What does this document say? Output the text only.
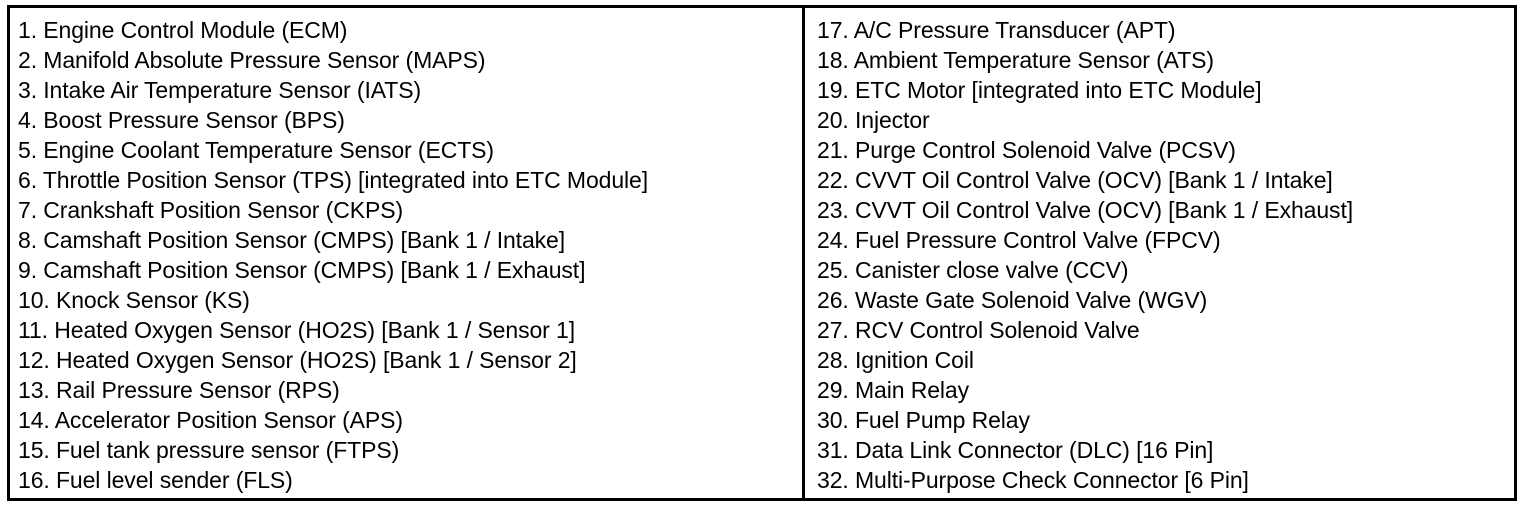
1. Engine Control Module (ECM)
2. Manifold Absolute Pressure Sensor (MAPS)
3. Intake Air Temperature Sensor (IATS)
4. Boost Pressure Sensor (BPS)
5. Engine Coolant Temperature Sensor (ECTS)
6. Throttle Position Sensor (TPS) [integrated into ETC Module]
7. Crankshaft Position Sensor (CKPS)
8. Camshaft Position Sensor (CMPS) [Bank 1 / Intake]
9. Camshaft Position Sensor (CMPS) [Bank 1 / Exhaust]
10. Knock Sensor (KS)
11. Heated Oxygen Sensor (HO2S) [Bank 1 / Sensor 1]
12. Heated Oxygen Sensor (HO2S) [Bank 1 / Sensor 2]
13. Rail Pressure Sensor (RPS)
14. Accelerator Position Sensor (APS)
15. Fuel tank pressure sensor (FTPS)
16. Fuel level sender (FLS)
17. A/C Pressure Transducer (APT)
18. Ambient Temperature Sensor (ATS)
19. ETC Motor [integrated into ETC Module]
20. Injector
21. Purge Control Solenoid Valve (PCSV)
22. CVVT Oil Control Valve (OCV) [Bank 1 / Intake]
23. CVVT Oil Control Valve (OCV) [Bank 1 / Exhaust]
24. Fuel Pressure Control Valve (FPCV)
25. Canister close valve (CCV)
26. Waste Gate Solenoid Valve (WGV)
27. RCV Control Solenoid Valve
28. Ignition Coil
29. Main Relay
30. Fuel Pump Relay
31. Data Link Connector (DLC) [16 Pin]
32. Multi-Purpose Check Connector [6 Pin]
